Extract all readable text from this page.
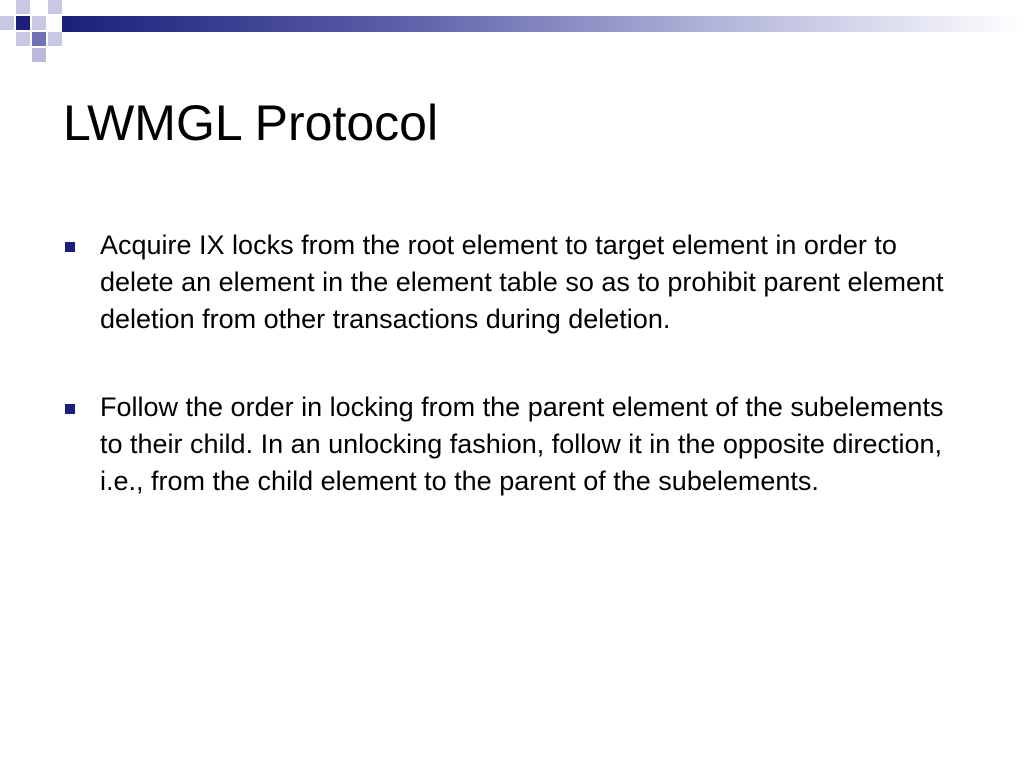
LWMGL Protocol
Acquire IX locks from the root element to target element in order to delete an element in the element table so as to prohibit parent element deletion from other transactions during deletion.
Follow the order in locking from the parent element of the subelements to their child. In an unlocking fashion, follow it in the opposite direction, i.e., from the child element to the parent of the subelements.
